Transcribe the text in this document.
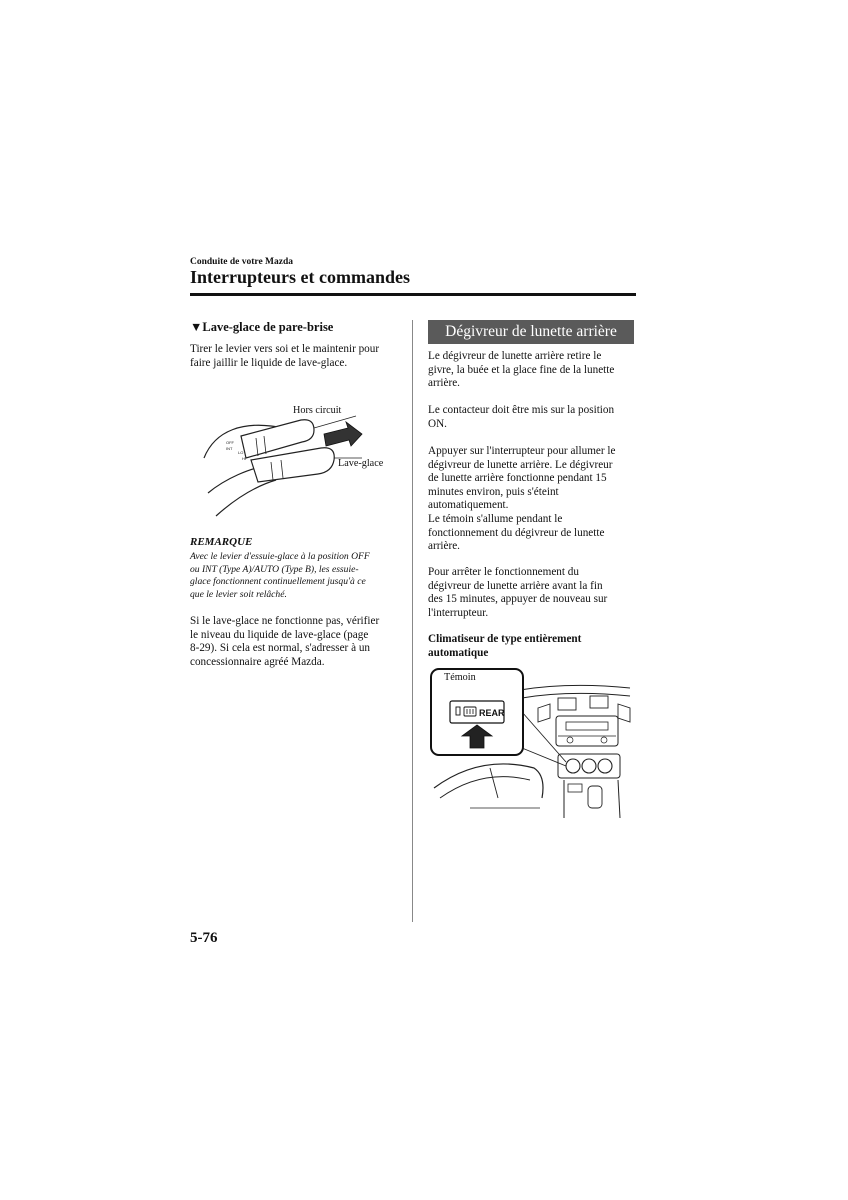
Conduite de votre Mazda
Interrupteurs et commandes
▼Lave-glace de pare-brise

Tirer le levier vers soi et le maintenir pour
faire jaillir le liquide de lave-glace.

OFF
INT
LO
HI
Hors circuit
Lave-glace
REMARQUE
Avec le levier d'essuie-glace à la position OFF
ou INT (Type A)/AUTO (Type B), les essuie-
glace fonctionnent continuellement jusqu'à ce
que le levier soit relâché.

Si le lave-glace ne fonctionne pas, vérifier
le niveau du liquide de lave-glace (page
8-29). Si cela est normal, s'adresser à un
concessionnaire agréé Mazda.

Dégivreur de lunette arrière

Le dégivreur de lunette arrière retire le
givre, la buée et la glace fine de la lunette
arrière.

Le contacteur doit être mis sur la position
ON.

Appuyer sur l'interrupteur pour allumer le
dégivreur de lunette arrière. Le dégivreur
de lunette arrière fonctionne pendant 15
minutes environ, puis s'éteint
automatiquement.
Le témoin s'allume pendant le
fonctionnement du dégivreur de lunette
arrière.

Pour arrêter le fonctionnement du
dégivreur de lunette arrière avant la fin
des 15 minutes, appuyer de nouveau sur
l'interrupteur.

Climatiseur de type entièrement
automatique
REAR
Témoin
5-76
